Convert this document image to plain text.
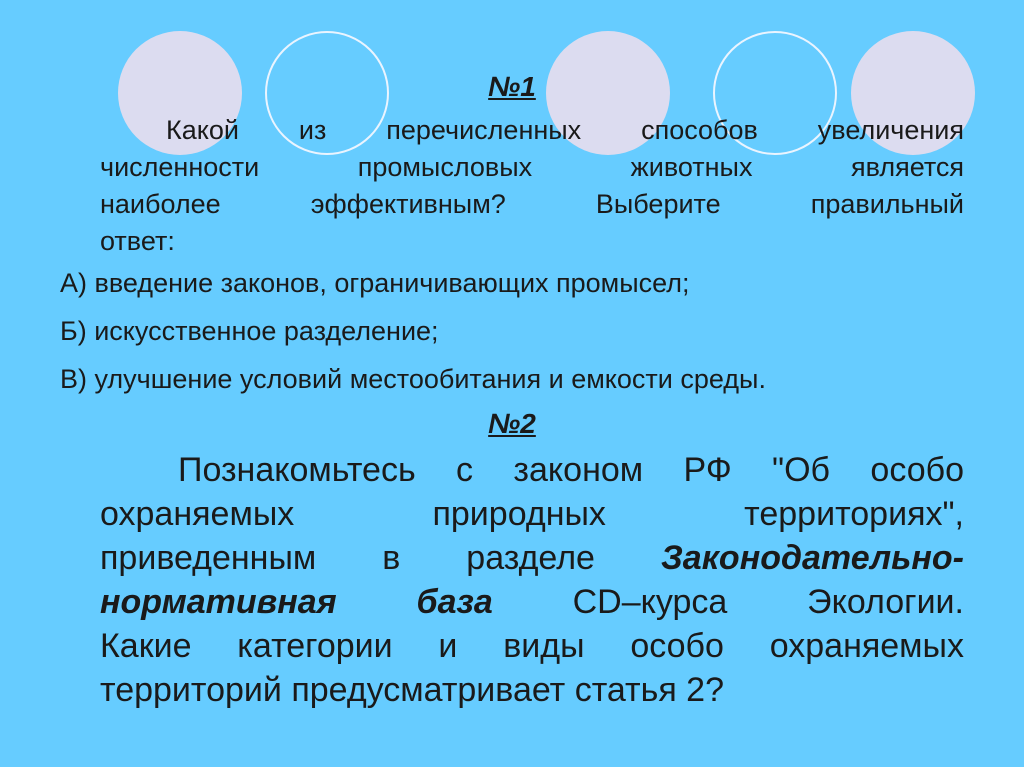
№1
Какой из перечисленных способов увеличения
численности промысловых животных является
наиболее эффективным? Выберите правильный
ответ:
А) введение законов, ограничивающих промысел;
Б) искусственное разделение;
В) улучшение условий местообитания и емкости среды.
№2
Познакомьтесь с законом РФ "Об особо
охраняемых природных территориях",
приведенным в разделе Законодательно-
нормативная база CD–курса Экологии.
Какие категории и виды особо охраняемых
территорий предусматривает статья 2?
